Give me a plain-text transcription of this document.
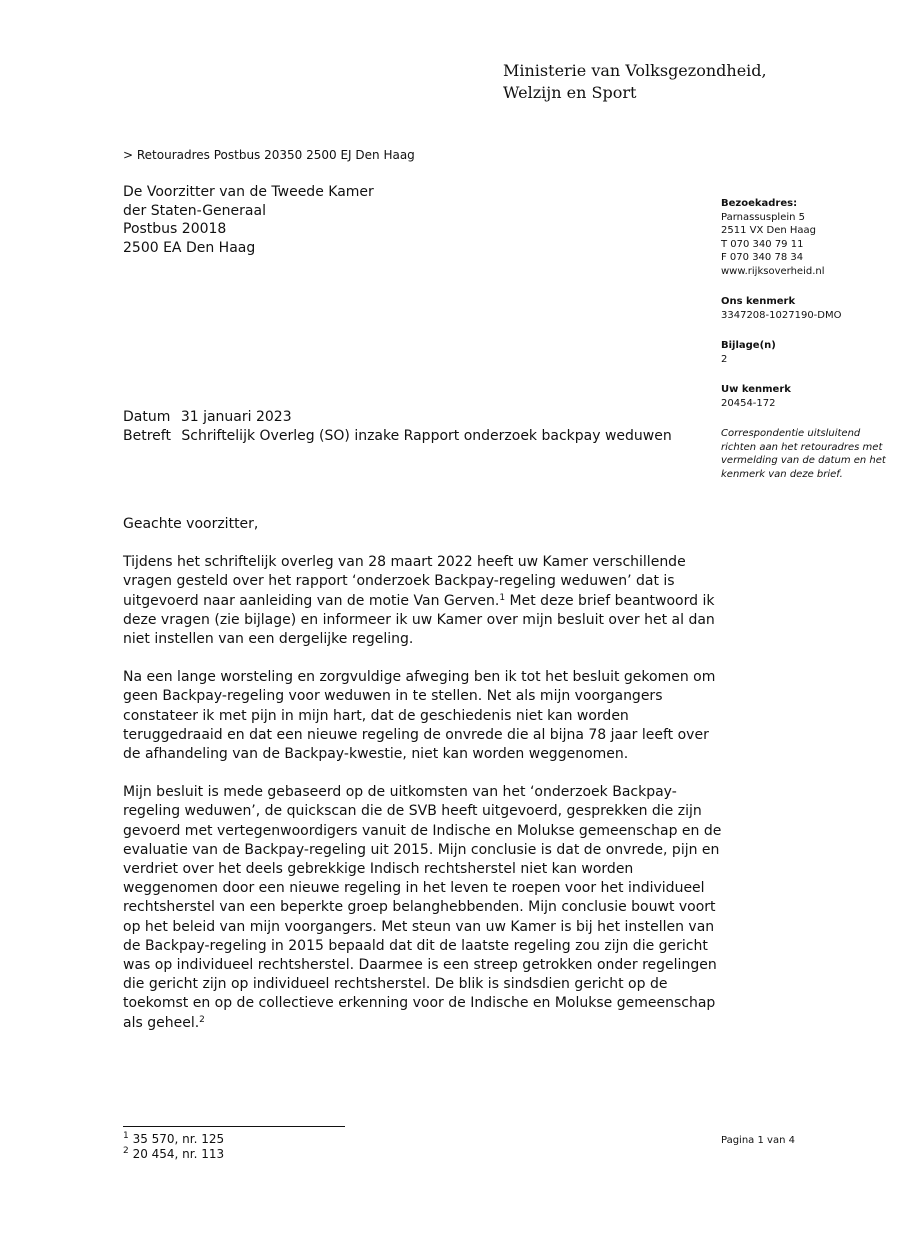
Ministerie van Volksgezondheid,
Welzijn en Sport
> Retouradres Postbus 20350 2500 EJ Den Haag
De Voorzitter van de Tweede Kamer
der Staten-Generaal
Postbus 20018
2500 EA Den Haag
Bezoekadres:
Parnassusplein 5
2511 VX Den Haag
T 070 340 79 11
F 070 340 78 34
www.rijksoverheid.nl
Ons kenmerk
3347208-1027190-DMO
Bijlage(n)
2
Uw kenmerk
20454-172
Correspondentie uitsluitend richten aan het retouradres met vermelding van de datum en het kenmerk van deze brief.
Datum 31 januari 2023
Betreft Schriftelijk Overleg (SO) inzake Rapport onderzoek backpay weduwen

Geachte voorzitter,

Tijdens het schriftelijk overleg van 28 maart 2022 heeft uw Kamer verschillende vragen gesteld over het rapport ‘onderzoek Backpay-regeling weduwen’ dat is uitgevoerd naar aanleiding van de motie Van Gerven.$^1$ Met deze brief beantwoord ik deze vragen (zie bijlage) en informeer ik uw Kamer over mijn besluit over het al dan niet instellen van een dergelijke regeling.

Na een lange worsteling en zorgvuldige afweging ben ik tot het besluit gekomen om geen Backpay-regeling voor weduwen in te stellen. Net als mijn voorgangers constateer ik met pijn in mijn hart, dat de geschiedenis niet kan worden teruggedraaid en dat een nieuwe regeling de onvrede die al bijna 78 jaar leeft over de afhandeling van de Backpay-kwestie, niet kan worden weggenomen.

Mijn besluit is mede gebaseerd op de uitkomsten van het ‘onderzoek Backpay-regeling weduwen’, de quickscan die de SVB heeft uitgevoerd, gesprekken die zijn gevoerd met vertegenwoordigers vanuit de Indische en Molukse gemeenschap en de evaluatie van de Backpay-regeling uit 2015. Mijn conclusie is dat de onvrede, pijn en verdriet over het deels gebrekkige Indisch rechtsherstel niet kan worden weggenomen door een nieuwe regeling in het leven te roepen voor het individueel rechtsherstel van een beperkte groep belanghebbenden. Mijn conclusie bouwt voort op het beleid van mijn voorgangers. Met steun van uw Kamer is bij het instellen van de Backpay-regeling in 2015 bepaald dat dit de laatste regeling zou zijn die gericht was op individueel rechtsherstel. Daarmee is een streep getrokken onder regelingen die gericht zijn op individueel rechtsherstel. De blik is sindsdien gericht op de toekomst en op de collectieve erkenning voor de Indische en Molukse gemeenschap als geheel.$^2$

$^1$ 35 570, nr. 125
$^2$ 20 454, nr. 113
Pagina 1 van 4
